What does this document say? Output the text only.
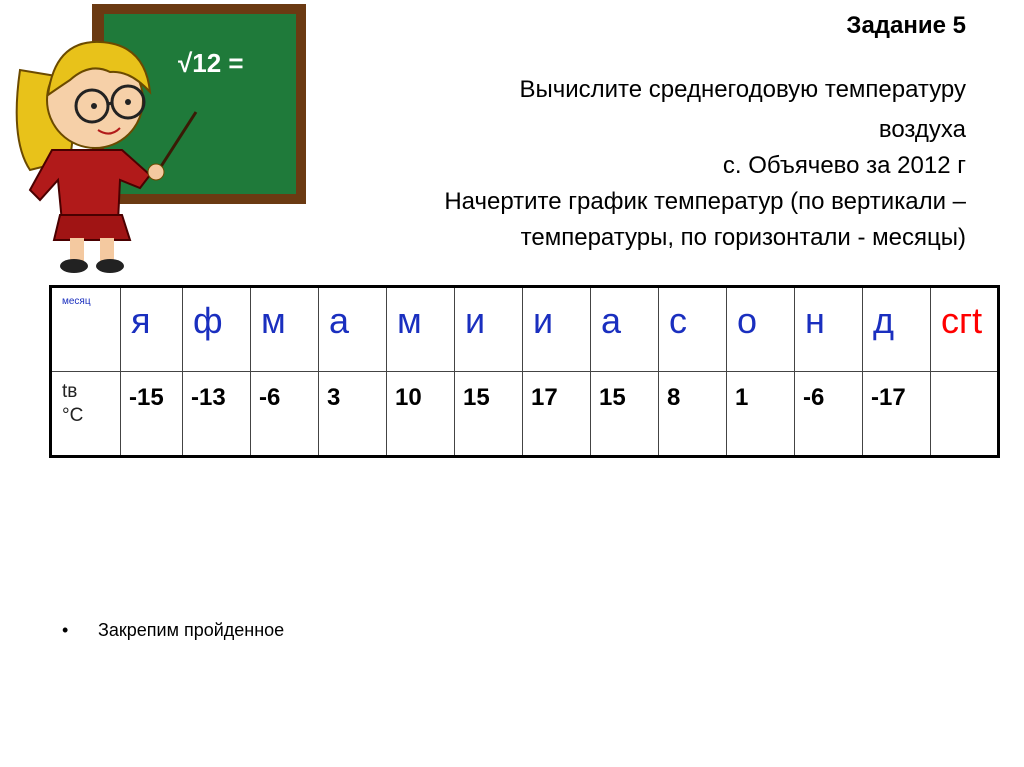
√12 =
Задание 5
Вычислите среднегодовую температуру
воздуха
с. Объячево за 2012 г
Начертите график температур (по вертикали –
температуры, по горизонтали - месяцы)
месяц	я	ф	м	а	м	и	и	а	с	о	н	д	сгt

tв
°C	-15	-13	-6	3	10	15	17	15	8	1	-6	-17	
• Закрепим пройденное
